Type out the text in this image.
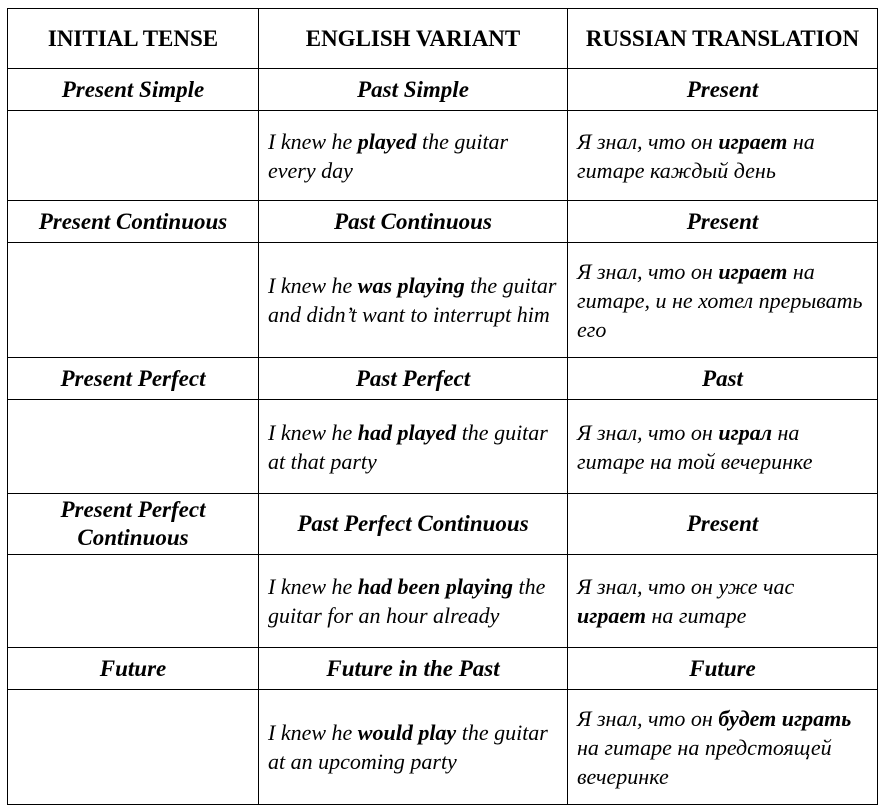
INITIAL TENSE	ENGLISH VARIANT	RUSSIAN TRANSLATION
Present Simple	Past Simple	Present
	I knew he played the guitar every day	Я знал, что он играет на гитаре каждый день
Present Continuous	Past Continuous	Present
	I knew he was playing the guitar and didn’t want to interrupt him	Я знал, что он играет на гитаре, и не хотел прерывать его
Present Perfect	Past Perfect	Past
	I knew he had played the guitar at that party	Я знал, что он играл на гитаре на той вечеринке
Present Perfect Continuous	Past Perfect Continuous	Present
	I knew he had been playing the guitar for an hour already	Я знал, что он уже час играет на гитаре
Future	Future in the Past	Future
	I knew he would play the guitar at an upcoming party	Я знал, что он будет играть на гитаре на предстоящей вечеринке
